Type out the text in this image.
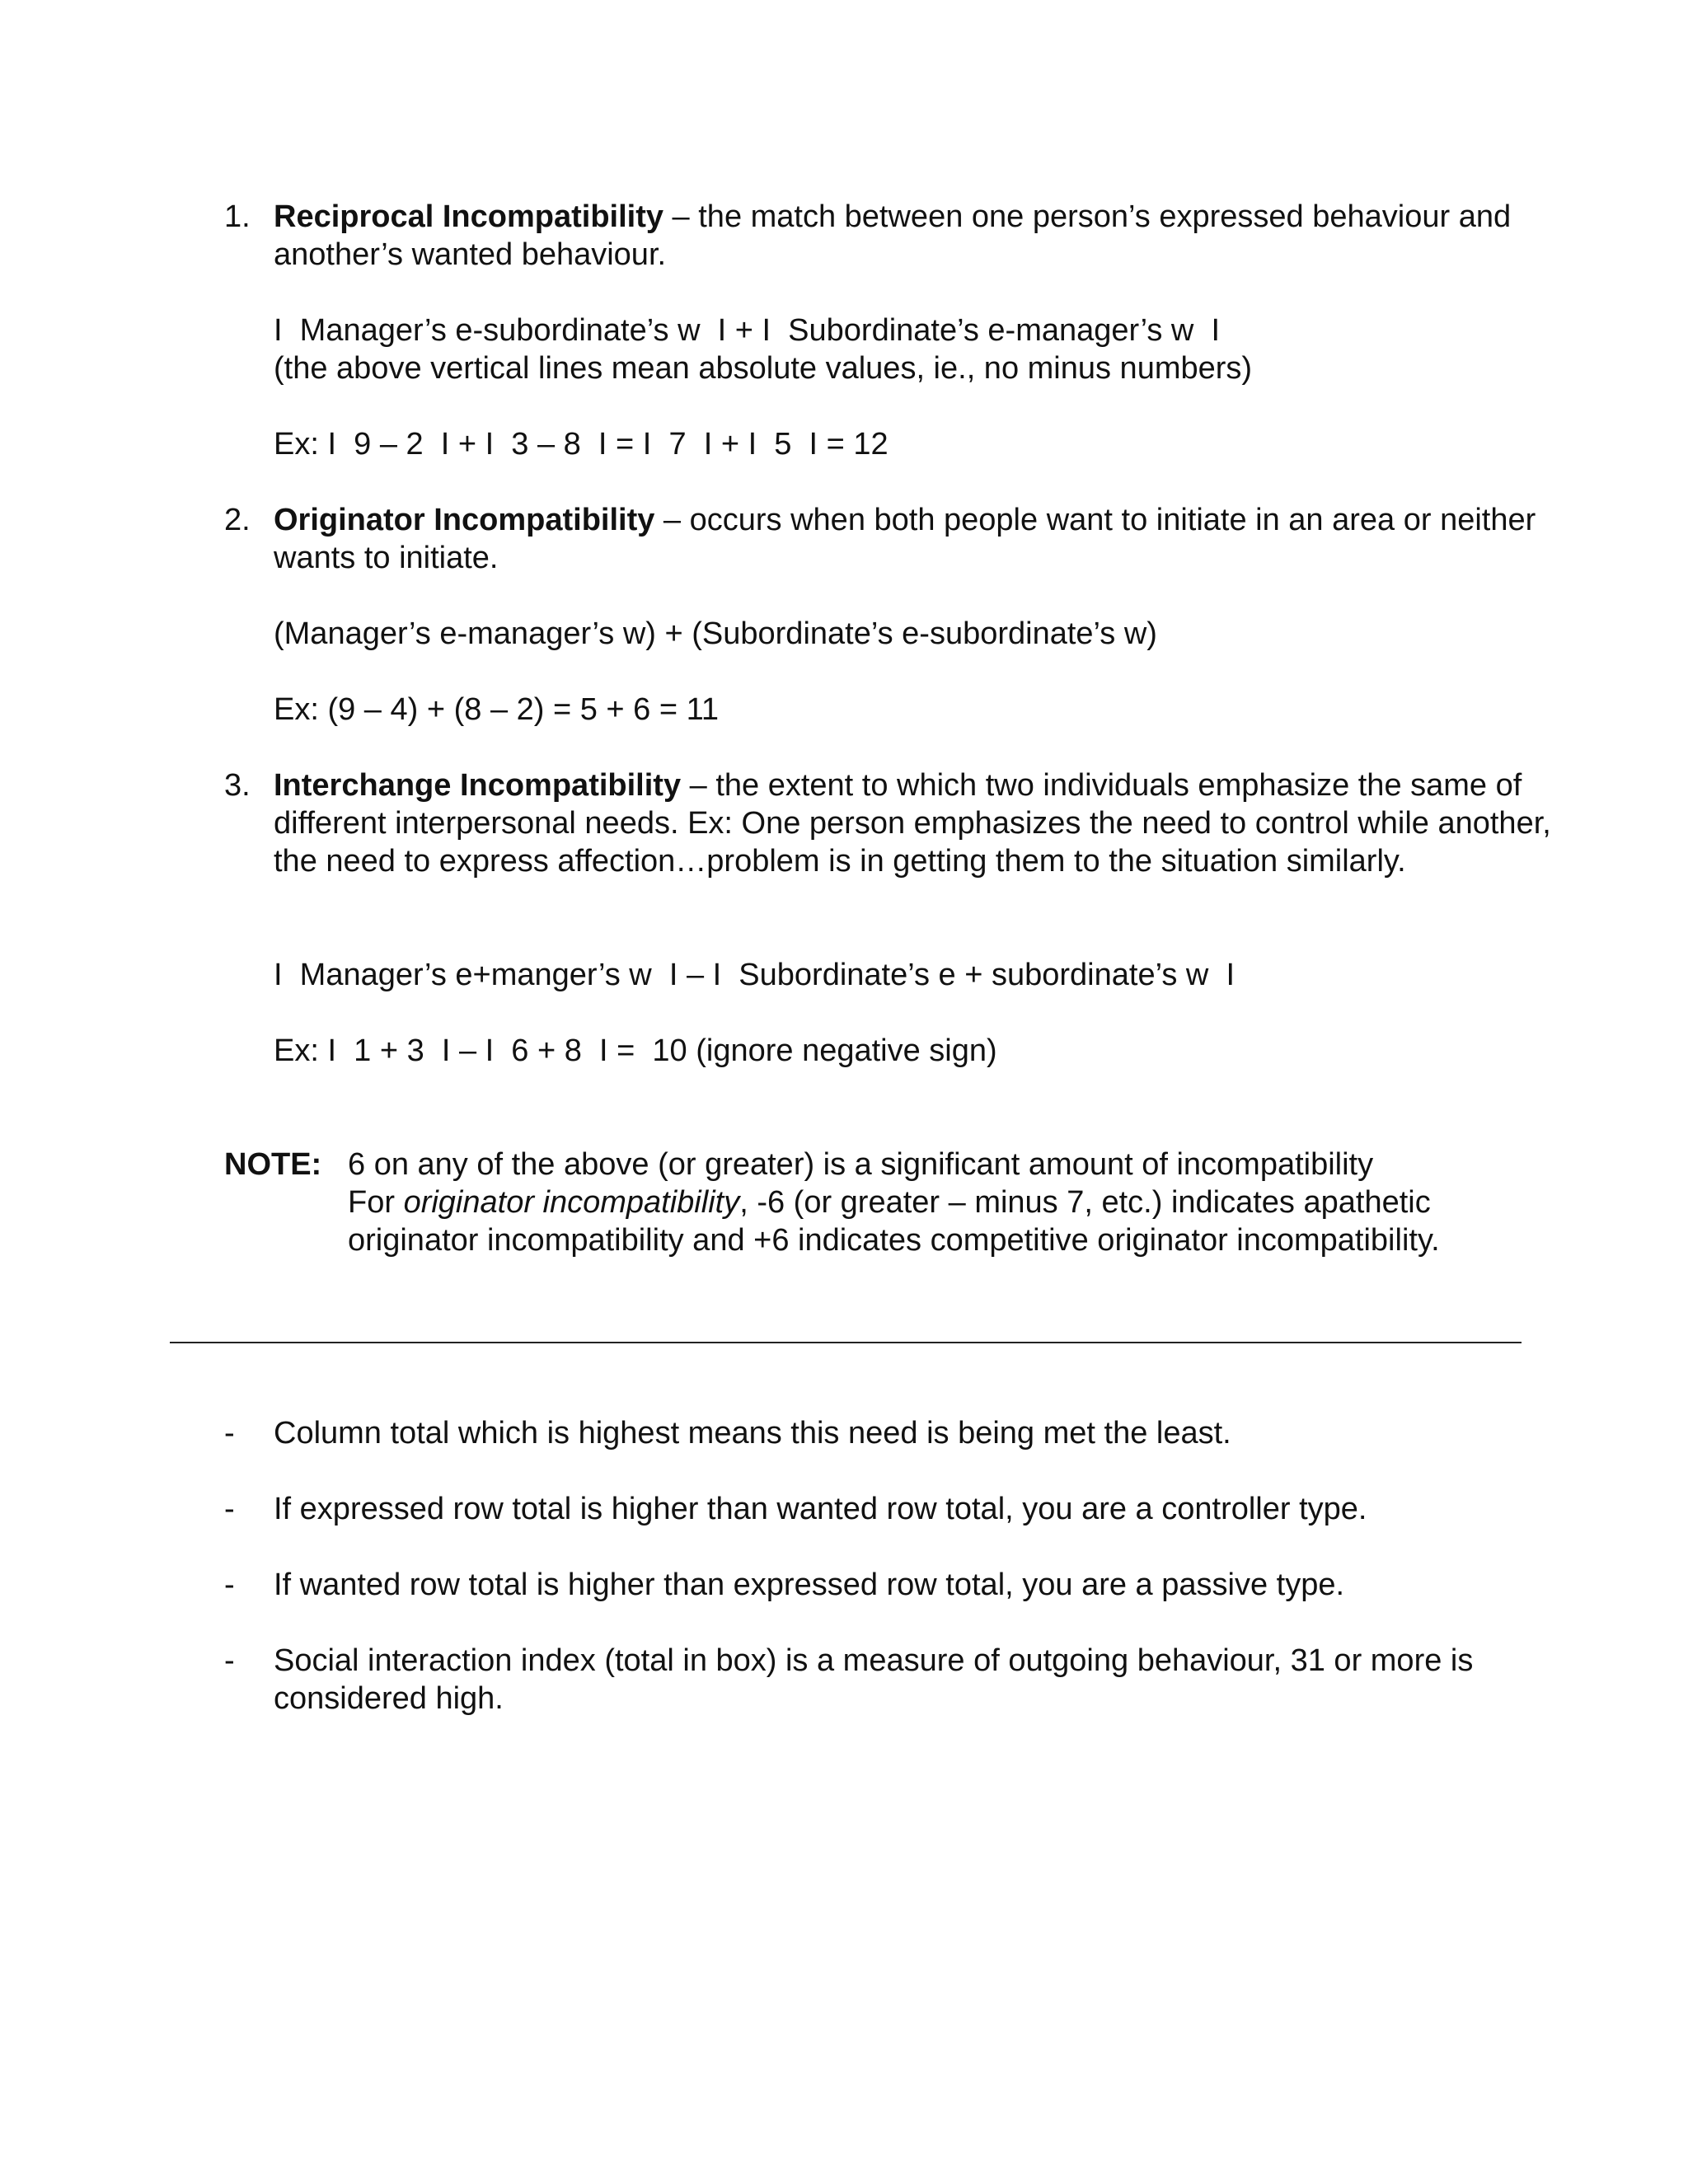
1. Reciprocal Incompatibility – the match between one person’s expressed behaviour and another’s wanted behaviour.

I  Manager’s e-subordinate’s w  I + I  Subordinate’s e-manager’s w  I
(the above vertical lines mean absolute values, ie., no minus numbers)
Ex: I  9 – 2  I + I  3 – 8  I = I  7  I + I  5  I = 12
2. Originator Incompatibility – occurs when both people want to initiate in an area or neither wants to initiate.

(Manager’s e-manager’s w) + (Subordinate’s e-subordinate’s w)
Ex: (9 – 4) + (8 – 2) = 5 + 6 = 11
3. Interchange Incompatibility – the extent to which two individuals emphasize the same of different interpersonal needs. Ex: One person emphasizes the need to control while another, the need to express affection…problem is in getting them to the situation similarly.

I  Manager’s e+manger’s w  I – I  Subordinate’s e + subordinate’s w  I
Ex: I  1 + 3  I – I  6 + 8  I =  10 (ignore negative sign)
NOTE: 6 on any of the above (or greater) is a significant amount of incompatibility
For originator incompatibility, -6 (or greater – minus 7, etc.) indicates apathetic
originator incompatibility and +6 indicates competitive originator incompatibility.
- Column total which is highest means this need is being met the least.
- If expressed row total is higher than wanted row total, you are a controller type.
- If wanted row total is higher than expressed row total, you are a passive type.
- Social interaction index (total in box) is a measure of outgoing behaviour, 31 or more is considered high.
